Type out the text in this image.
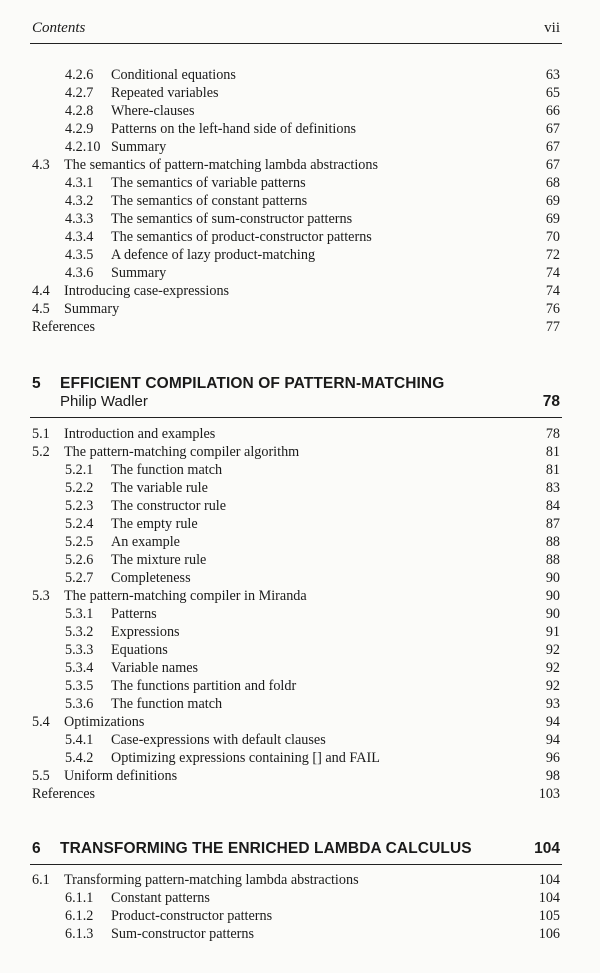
Contents	vii
4.2.6	Conditional equations	63
4.2.7	Repeated variables	65
4.2.8	Where-clauses	66
4.2.9	Patterns on the left-hand side of definitions	67
4.2.10 Summary	67
4.3	The semantics of pattern-matching lambda abstractions	67
4.3.1	The semantics of variable patterns	68
4.3.2	The semantics of constant patterns	69
4.3.3	The semantics of sum-constructor patterns	69
4.3.4	The semantics of product-constructor patterns	70
4.3.5	A defence of lazy product-matching	72
4.3.6	Summary	74
4.4	Introducing case-expressions	74
4.5	Summary	76
References	77
5 EFFICIENT COMPILATION OF PATTERN-MATCHING
Philip Wadler	78
5.1	Introduction and examples	78
5.2	The pattern-matching compiler algorithm	81
5.2.1	The function match	81
5.2.2	The variable rule	83
5.2.3	The constructor rule	84
5.2.4	The empty rule	87
5.2.5	An example	88
5.2.6	The mixture rule	88
5.2.7	Completeness	90
5.3	The pattern-matching compiler in Miranda	90
5.3.1	Patterns	90
5.3.2	Expressions	91
5.3.3	Equations	92
5.3.4	Variable names	92
5.3.5	The functions partition and foldr	92
5.3.6	The function match	93
5.4	Optimizations	94
5.4.1	Case-expressions with default clauses	94
5.4.2	Optimizing expressions containing [] and FAIL	96
5.5	Uniform definitions	98
References	103
6 TRANSFORMING THE ENRICHED LAMBDA CALCULUS	104
6.1	Transforming pattern-matching lambda abstractions	104
6.1.1	Constant patterns	104
6.1.2	Product-constructor patterns	105
6.1.3	Sum-constructor patterns	106
